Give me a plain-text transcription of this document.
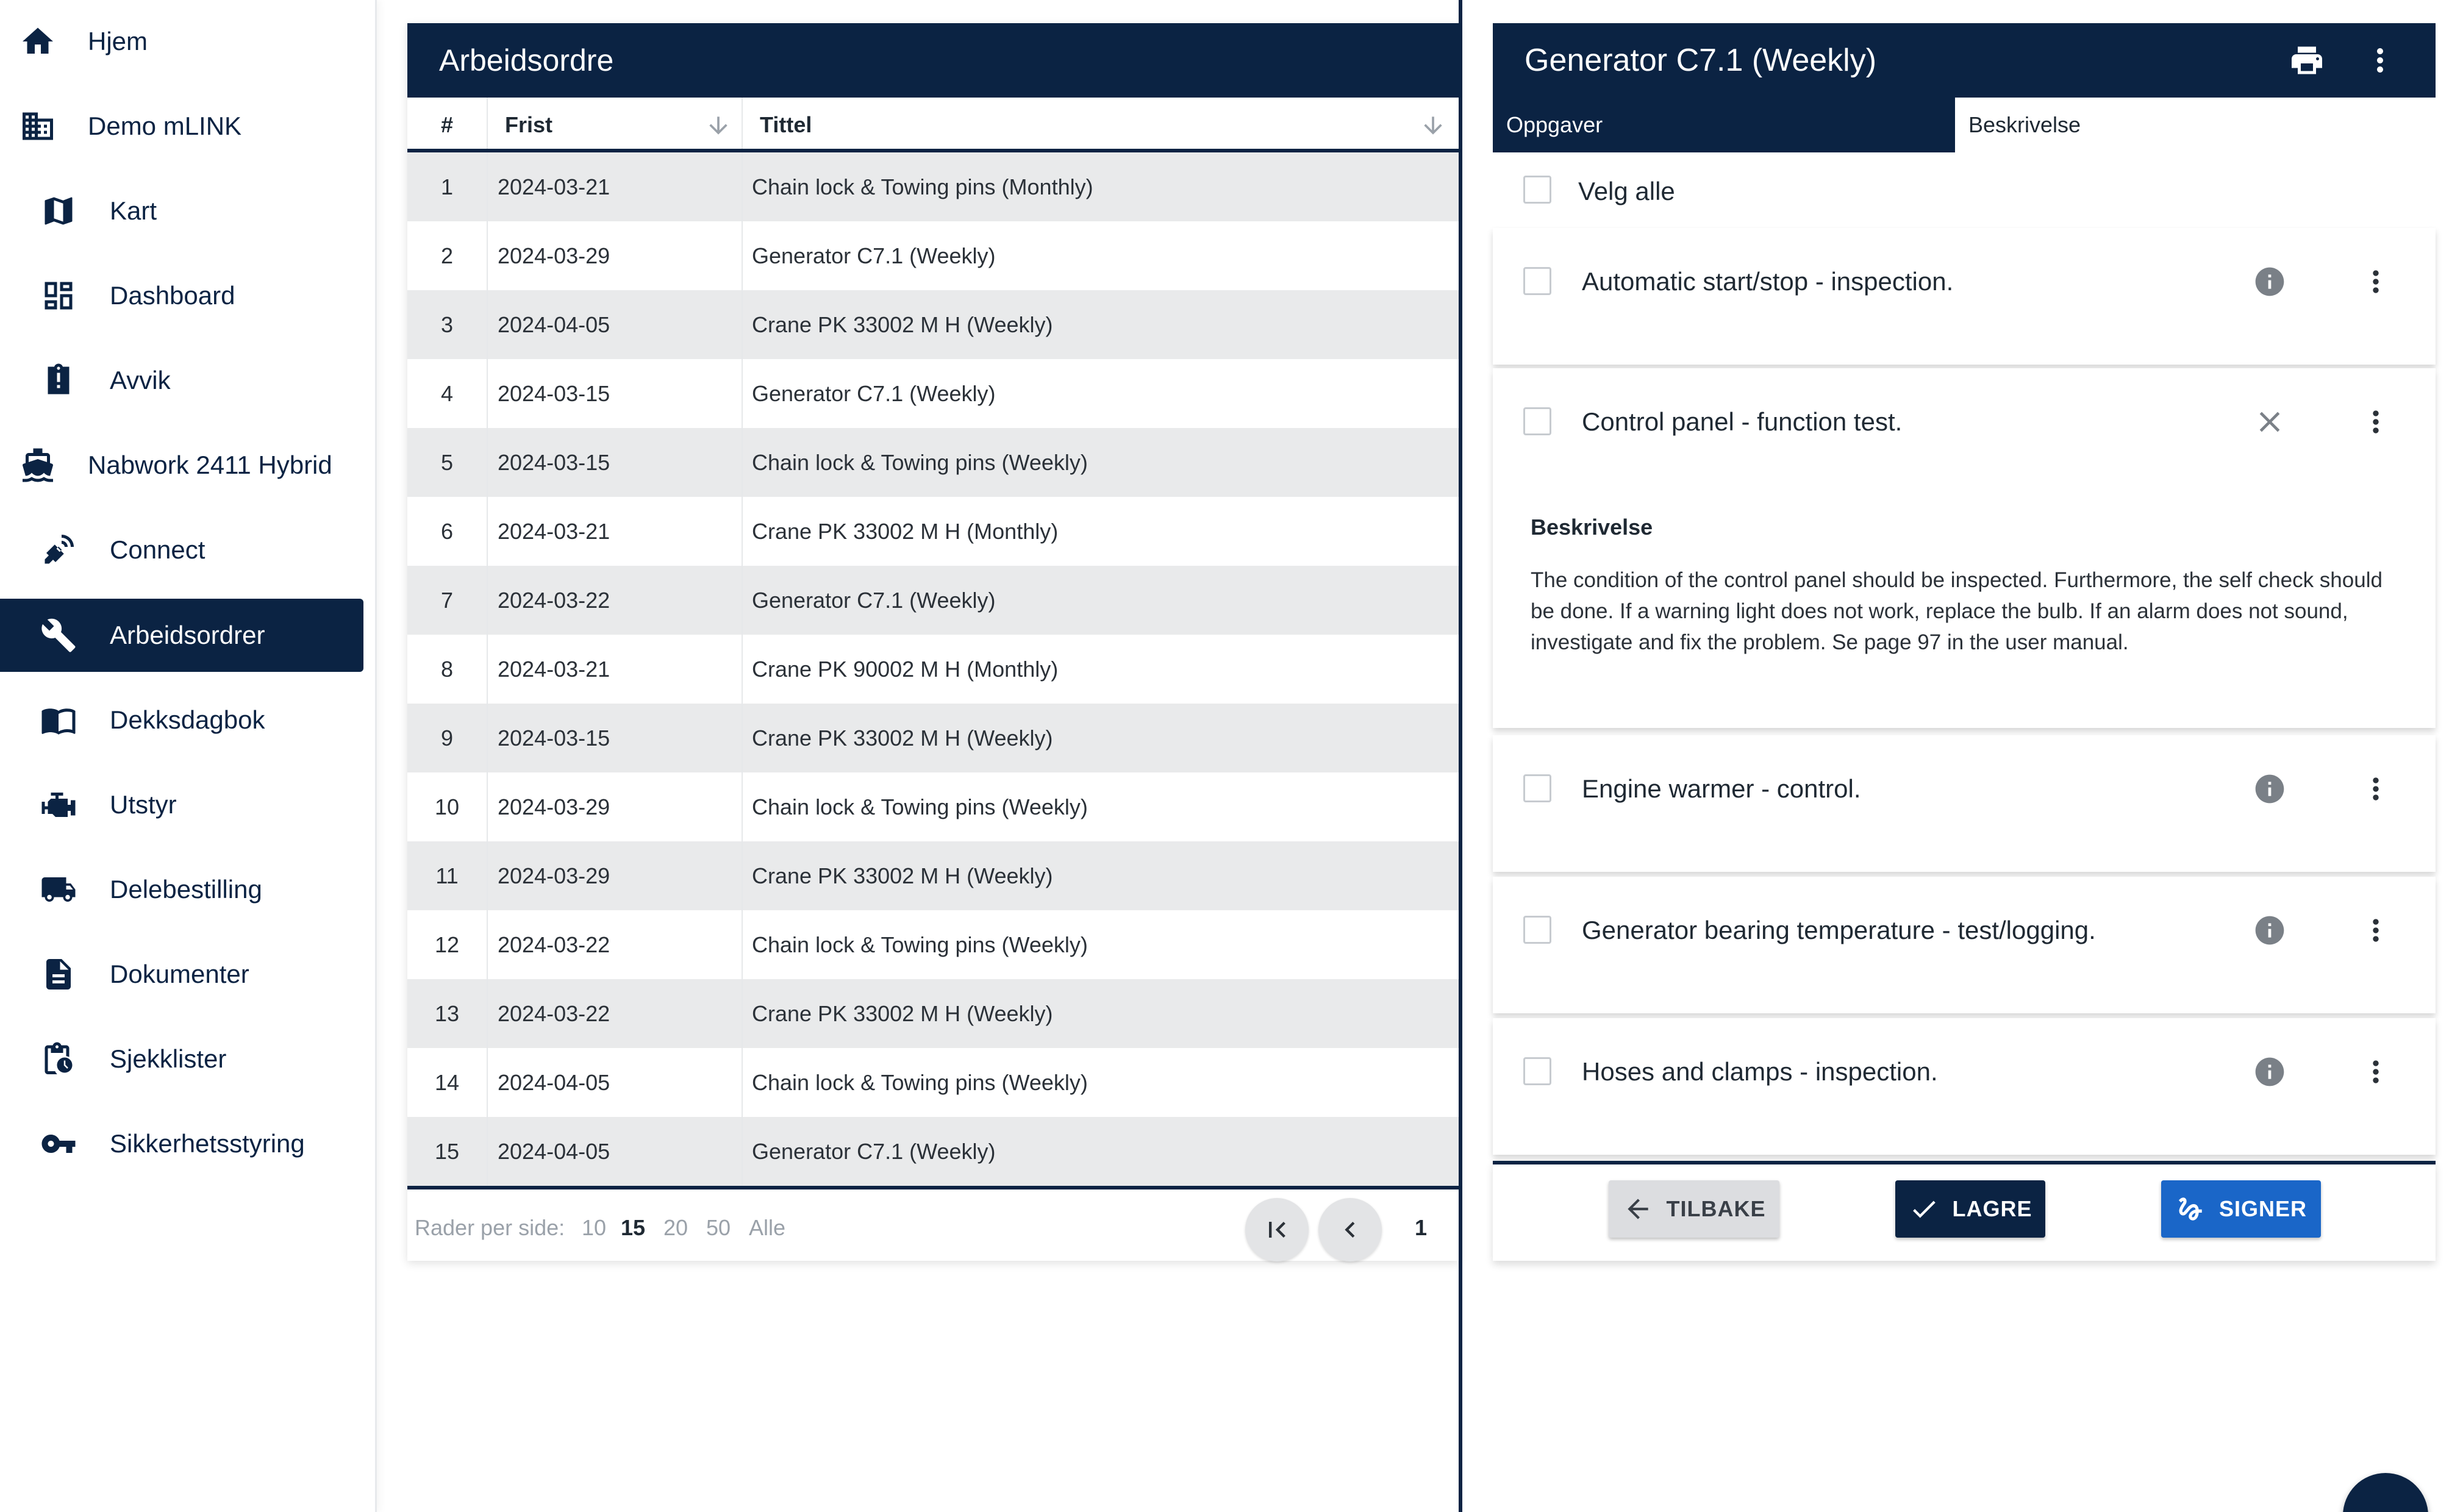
Hjem
Demo mLINK
Kart
Dashboard
Avvik
Nabwork 2411 Hybrid
Connect
Arbeidsordrer
Dekksdagbok
Utstyr
Delebestilling
Dokumenter
Sjekklister
Sikkerhetsstyring
Arbeidsordre
#	Frist	Tittel
1	2024-03-21	Chain lock & Towing pins (Monthly)
2	2024-03-29	Generator C7.1 (Weekly)
3	2024-04-05	Crane PK 33002 M H (Weekly)
4	2024-03-15	Generator C7.1 (Weekly)
5	2024-03-15	Chain lock & Towing pins (Weekly)
6	2024-03-21	Crane PK 33002 M H (Monthly)
7	2024-03-22	Generator C7.1 (Weekly)
8	2024-03-21	Crane PK 90002 M H (Monthly)
9	2024-03-15	Crane PK 33002 M H (Weekly)
10	2024-03-29	Chain lock & Towing pins (Weekly)
11	2024-03-29	Crane PK 33002 M H (Weekly)
12	2024-03-22	Chain lock & Towing pins (Weekly)
13	2024-03-22	Crane PK 33002 M H (Weekly)
14	2024-04-05	Chain lock & Towing pins (Weekly)
15	2024-04-05	Generator C7.1 (Weekly)
Rader per side: 10 15 20 50 Alle	1
Generator C7.1 (Weekly)
Oppgaver	Beskrivelse
Velg alle
Automatic start/stop - inspection.
Control panel - function test.
Beskrivelse
The condition of the control panel should be inspected. Furthermore, the self check should be done. If a warning light does not work, replace the bulb. If an alarm does not sound, investigate and fix the problem. Se page 97 in the user manual.
Engine warmer - control.
Generator bearing temperature - test/logging.
Hoses and clamps - inspection.
TILBAKE	LAGRE	SIGNER
